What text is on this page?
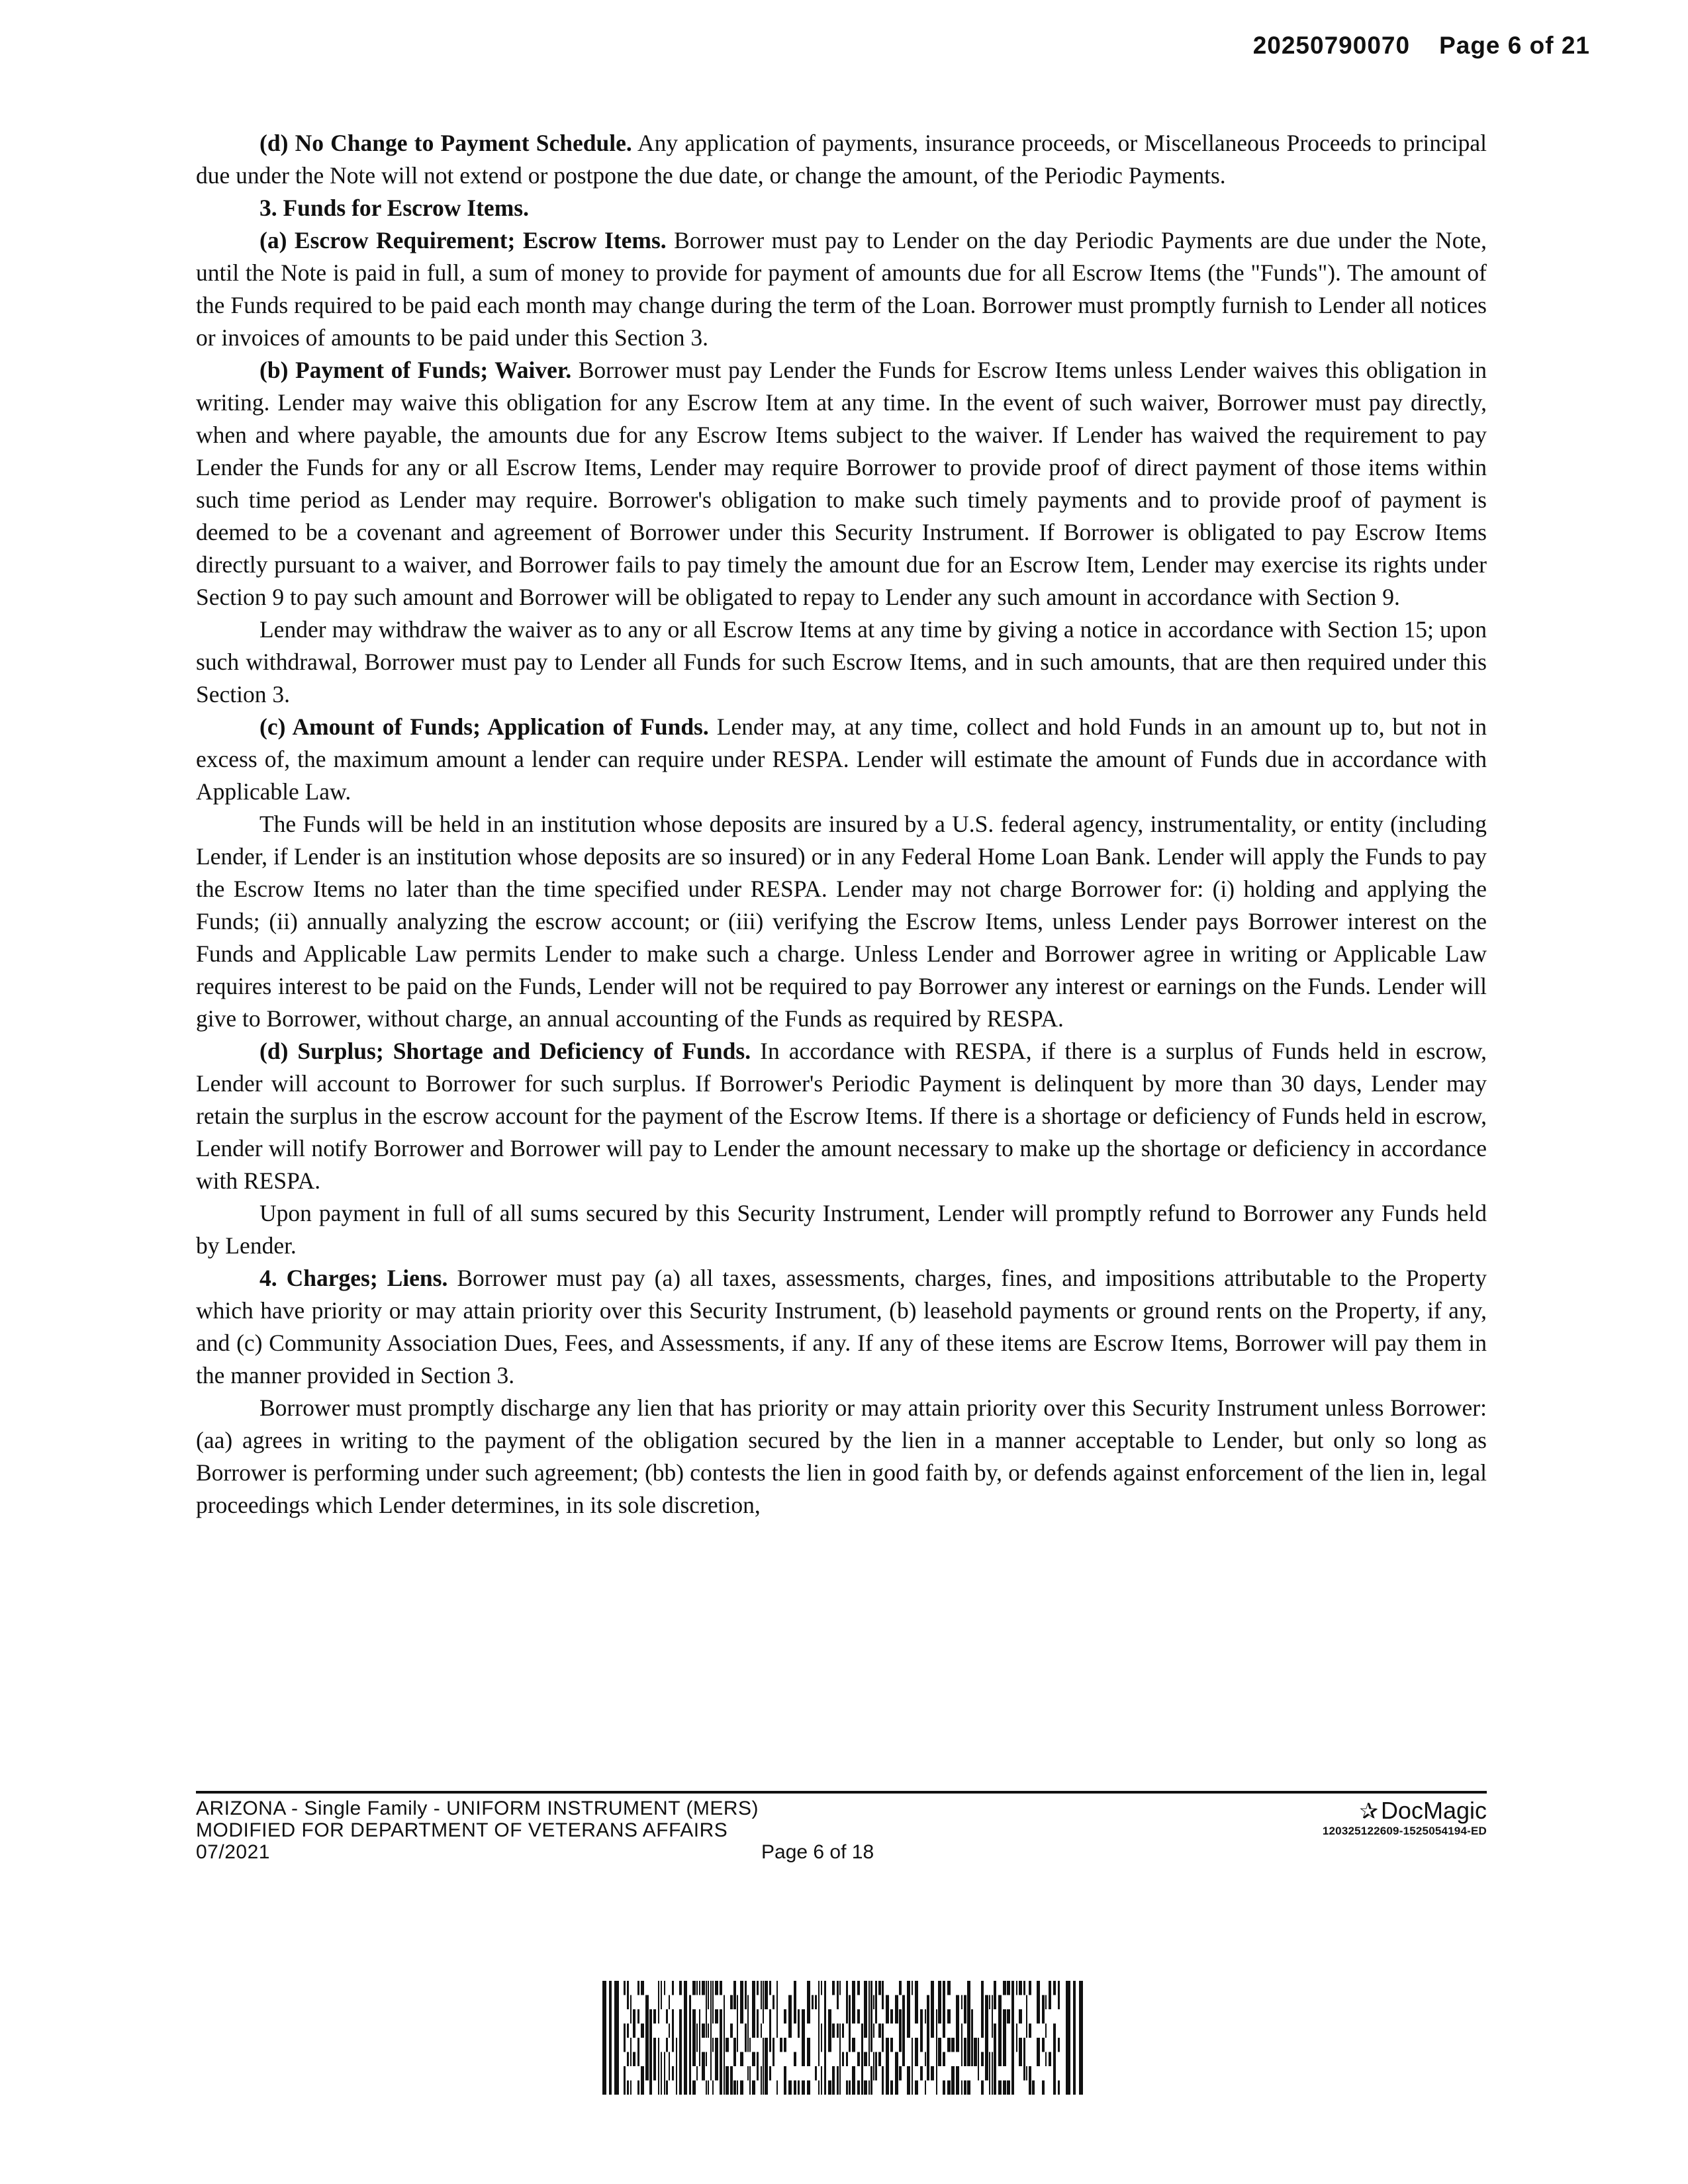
20250790070 Page 6 of 21

(d) No Change to Payment Schedule. Any application of payments, insurance proceeds, or Miscellaneous Proceeds to principal due under the Note will not extend or postpone the due date, or change the amount, of the Periodic Payments.

3. Funds for Escrow Items.

(a) Escrow Requirement; Escrow Items. Borrower must pay to Lender on the day Periodic Payments are due under the Note, until the Note is paid in full, a sum of money to provide for payment of amounts due for all Escrow Items (the "Funds"). The amount of the Funds required to be paid each month may change during the term of the Loan. Borrower must promptly furnish to Lender all notices or invoices of amounts to be paid under this Section 3.

(b) Payment of Funds; Waiver. Borrower must pay Lender the Funds for Escrow Items unless Lender waives this obligation in writing. Lender may waive this obligation for any Escrow Item at any time. In the event of such waiver, Borrower must pay directly, when and where payable, the amounts due for any Escrow Items subject to the waiver. If Lender has waived the requirement to pay Lender the Funds for any or all Escrow Items, Lender may require Borrower to provide proof of direct payment of those items within such time period as Lender may require. Borrower's obligation to make such timely payments and to provide proof of payment is deemed to be a covenant and agreement of Borrower under this Security Instrument. If Borrower is obligated to pay Escrow Items directly pursuant to a waiver, and Borrower fails to pay timely the amount due for an Escrow Item, Lender may exercise its rights under Section 9 to pay such amount and Borrower will be obligated to repay to Lender any such amount in accordance with Section 9.

Lender may withdraw the waiver as to any or all Escrow Items at any time by giving a notice in accordance with Section 15; upon such withdrawal, Borrower must pay to Lender all Funds for such Escrow Items, and in such amounts, that are then required under this Section 3.

(c) Amount of Funds; Application of Funds. Lender may, at any time, collect and hold Funds in an amount up to, but not in excess of, the maximum amount a lender can require under RESPA. Lender will estimate the amount of Funds due in accordance with Applicable Law.

The Funds will be held in an institution whose deposits are insured by a U.S. federal agency, instrumentality, or entity (including Lender, if Lender is an institution whose deposits are so insured) or in any Federal Home Loan Bank. Lender will apply the Funds to pay the Escrow Items no later than the time specified under RESPA. Lender may not charge Borrower for: (i) holding and applying the Funds; (ii) annually analyzing the escrow account; or (iii) verifying the Escrow Items, unless Lender pays Borrower interest on the Funds and Applicable Law permits Lender to make such a charge. Unless Lender and Borrower agree in writing or Applicable Law requires interest to be paid on the Funds, Lender will not be required to pay Borrower any interest or earnings on the Funds. Lender will give to Borrower, without charge, an annual accounting of the Funds as required by RESPA.

(d) Surplus; Shortage and Deficiency of Funds. In accordance with RESPA, if there is a surplus of Funds held in escrow, Lender will account to Borrower for such surplus. If Borrower's Periodic Payment is delinquent by more than 30 days, Lender may retain the surplus in the escrow account for the payment of the Escrow Items. If there is a shortage or deficiency of Funds held in escrow, Lender will notify Borrower and Borrower will pay to Lender the amount necessary to make up the shortage or deficiency in accordance with RESPA.

Upon payment in full of all sums secured by this Security Instrument, Lender will promptly refund to Borrower any Funds held by Lender.

4. Charges; Liens. Borrower must pay (a) all taxes, assessments, charges, fines, and impositions attributable to the Property which have priority or may attain priority over this Security Instrument, (b) leasehold payments or ground rents on the Property, if any, and (c) Community Association Dues, Fees, and Assessments, if any. If any of these items are Escrow Items, Borrower will pay them in the manner provided in Section 3.

Borrower must promptly discharge any lien that has priority or may attain priority over this Security Instrument unless Borrower: (aa) agrees in writing to the payment of the obligation secured by the lien in a manner acceptable to Lender, but only so long as Borrower is performing under such agreement; (bb) contests the lien in good faith by, or defends against enforcement of the lien in, legal proceedings which Lender determines, in its sole discretion,

ARIZONA - Single Family - UNIFORM INSTRUMENT (MERS)
MODIFIED FOR DEPARTMENT OF VETERANS AFFAIRS
07/2021	Page 6 of 18
✰ DocMagic
120325122609-1525054194-ED
